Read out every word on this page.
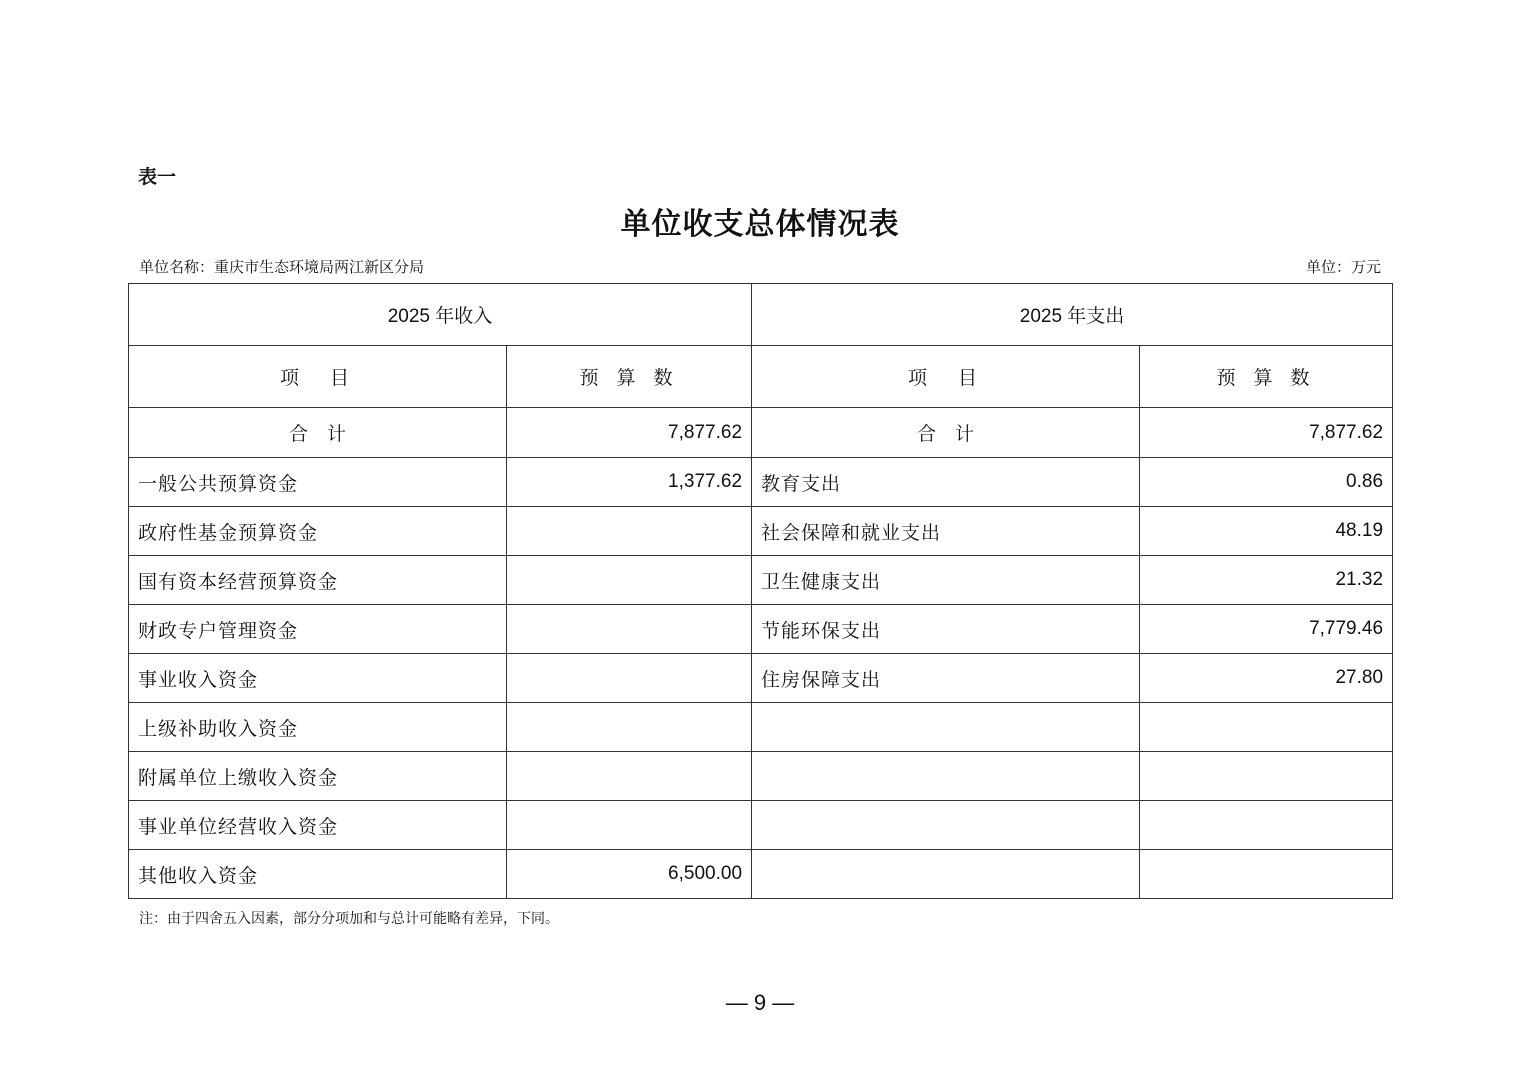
表一
单位收支总体情况表
单位名称：重庆市生态环境局两江新区分局	单位：万元
2025 年收入		2025 年支出	
项　目	预 算 数	项　目	预 算 数
合　计	7,877.62	合　计	7,877.62
一般公共预算资金	1,377.62	教育支出	0.86
政府性基金预算资金		社会保障和就业支出	48.19
国有资本经营预算资金		卫生健康支出	21.32
财政专户管理资金		节能环保支出	7,779.46
事业收入资金		住房保障支出	27.80
上级补助收入资金			
附属单位上缴收入资金			
事业单位经营收入资金			
其他收入资金	6,500.00		
注：由于四舍五入因素，部分分项加和与总计可能略有差异，下同。
— 9 —
